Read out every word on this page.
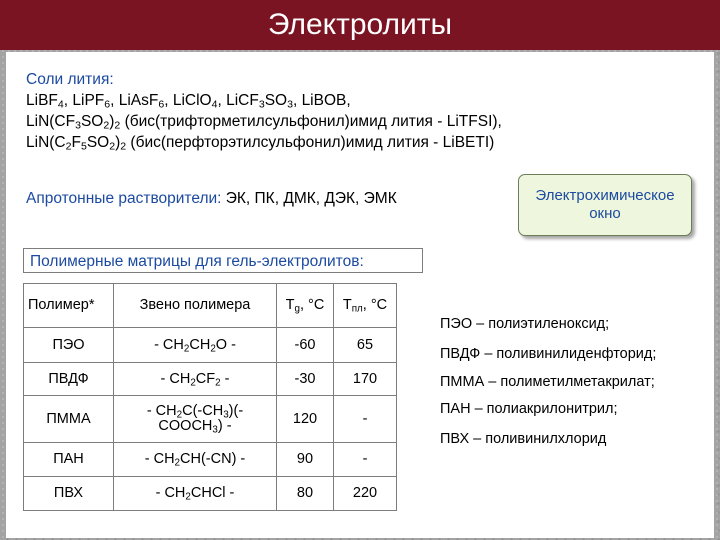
Электролиты
Соли лития:
LiBF$_4$, LiPF$_6$, LiAsF$_6$, LiClO$_4$, $LiCF_3SO_3$, LiBOB,
$LiN(CF_3SO_2)_2$ (бис(трифторметилсульфонил)имид лития - LiTFSI),
$LiN(C_2F_5SO_2)_2$ (бис(перфторэтилсульфонил)имид лития - LiBETI)
Апротонные растворители: ЭК, ПК, ДМК, ДЭК, ЭМК	Электрохимическое
окно
Полимерные матрицы для гель-электролитов:
Полимер*	Звено полимера	$T_g$, °C	$T_{пл}$, °C
ПЭО	- $CH_2CH_2O$ -	-60	65
ПВДФ	- $CH_2CF_2$ -	-30	170
ПММА	- $CH_2C(-CH_3)(-$
$COOCH_3$) -	120	-
ПАН	- $CH_2CH(-CN)$ -	90	-
ПВХ	- $CH_2CHCl$ -	80	220
ПЭО – полиэтиленоксид;
ПВДФ – поливинилиденфторид;
ПММА – полиметилметакрилат;
ПАН – полиакрилонитрил;
ПВХ – поливинилхлорид
